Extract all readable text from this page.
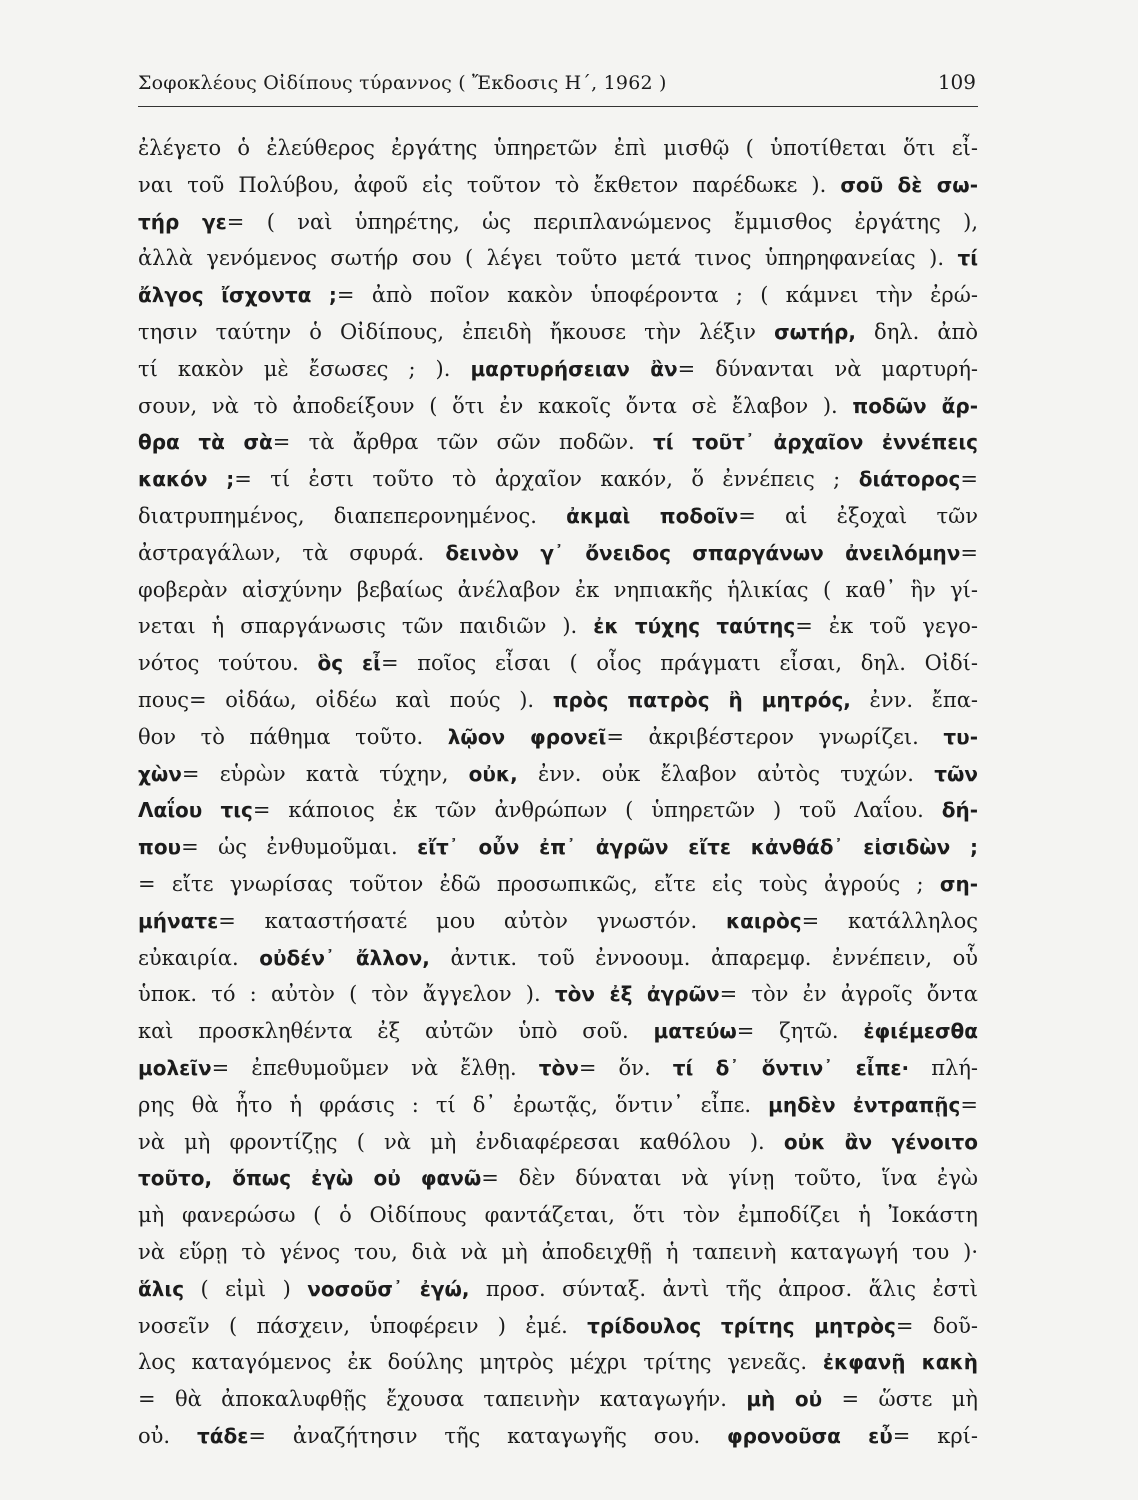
Σοφοκλέους Οἰδίπους τύραννος ( Ἔκδοσις Η΄, 1962 )	109
ἐλέγετο ὁ ἐλεύθερος ἐργάτης ὑπηρετῶν ἐπὶ μισθῷ ( ὑποτίθεται ὅτι εἶ-
ναι τοῦ Πολύβου, ἀφοῦ εἰς τοῦτον τὸ ἔκθετον παρέδωκε ). σοῦ δὲ σω-
τήρ γε= ( ναὶ ὑπηρέτης, ὡς περιπλανώμενος ἔμμισθος ἐργάτης ),
ἀλλὰ γενόμενος σωτήρ σου ( λέγει τοῦτο μετά τινος ὑπηρηφανείας ). τί
ἄλγος ἴσχοντα ;= ἀπὸ ποῖον κακὸν ὑποφέροντα ; ( κάμνει τὴν ἐρώ-
τησιν ταύτην ὁ Οἰδίπους, ἐπειδὴ ἤκουσε τὴν λέξιν σωτήρ, δηλ. ἀπὸ
τί κακὸν μὲ ἔσωσες ; ). μαρτυρήσειαν ἂν= δύνανται νὰ μαρτυρή-
σουν, νὰ τὸ ἀποδείξουν ( ὅτι ἐν κακοῖς ὄντα σὲ ἔλαβον ). ποδῶν ἄρ-
θρα τὰ σὰ= τὰ ἄρθρα τῶν σῶν ποδῶν. τί τοῦτ᾽ ἀρχαῖον ἐννέπεις
κακόν ;= τί ἐστι τοῦτο τὸ ἀρχαῖον κακόν, ὅ ἐννέπεις ; διάτορος=
διατρυπημένος, διαπεπερονημένος. ἀκμαὶ ποδοῖν= αἱ ἐξοχαὶ τῶν
ἀστραγάλων, τὰ σφυρά. δεινὸν γ᾽ ὄνειδος σπαργάνων ἀνειλόμην=
φοβερὰν αἰσχύνην βεβαίως ἀνέλαβον ἐκ νηπιακῆς ἡλικίας ( καθ᾽ ἣν γί-
νεται ἡ σπαργάνωσις τῶν παιδιῶν ). ἐκ τύχης ταύτης= ἐκ τοῦ γεγο-
νότος τούτου. ὃς εἶ= ποῖος εἶσαι ( οἷος πράγματι εἶσαι, δηλ. Οἰδί-
πους= οἰδάω, οἰδέω καὶ πούς ). πρὸς πατρὸς ἢ μητρός, ἐνν. ἔπα-
θον τὸ πάθημα τοῦτο. λῷον φρονεῖ= ἀκριβέστερον γνωρίζει. τυ-
χὼν= εὑρὼν κατὰ τύχην, οὐκ, ἐνν. οὐκ ἔλαβον αὐτὸς τυχών. τῶν
Λαΐου τις= κάποιος ἐκ τῶν ἀνθρώπων ( ὑπηρετῶν ) τοῦ Λαΐου. δή-
που= ὡς ἐνθυμοῦμαι. εἴτ᾽ οὖν ἐπ᾽ ἀγρῶν εἴτε κἀνθάδ᾽ εἰσιδὼν ;
= εἴτε γνωρίσας τοῦτον ἐδῶ προσωπικῶς, εἴτε εἰς τοὺς ἀγρούς ; ση-
μήνατε= καταστήσατέ μου αὐτὸν γνωστόν. καιρὸς= κατάλληλος
εὐκαιρία. οὐδέν᾽ ἄλλον, ἀντικ. τοῦ ἐννοουμ. ἀπαρεμφ. ἐννέπειν, οὗ
ὑποκ. τό : αὐτὸν ( τὸν ἄγγελον ). τὸν ἐξ ἀγρῶν= τὸν ἐν ἀγροῖς ὄντα
καὶ προσκληθέντα ἐξ αὐτῶν ὑπὸ σοῦ. ματεύω= ζητῶ. ἐφιέμεσθα
μολεῖν= ἐπεθυμοῦμεν νὰ ἔλθῃ. τὸν= ὅν. τί δ᾽ ὅντιν᾽ εἶπε· πλή-
ρης θὰ ἦτο ἡ φράσις : τί δ᾽ ἐρωτᾷς, ὅντιν᾽ εἶπε. μηδὲν ἐντραπῇς=
νὰ μὴ φροντίζῃς ( νὰ μὴ ἐνδιαφέρεσαι καθόλου ). οὐκ ἂν γένοιτο
τοῦτο, ὅπως ἐγὼ οὐ φανῶ= δὲν δύναται νὰ γίνῃ τοῦτο, ἵνα ἐγὼ
μὴ φανερώσω ( ὁ Οἰδίπους φαντάζεται, ὅτι τὸν ἐμποδίζει ἡ Ἰοκάστη
νὰ εὕρῃ τὸ γένος του, διὰ νὰ μὴ ἀποδειχθῇ ἡ ταπεινὴ καταγωγή του )·
ἅλις ( εἰμὶ ) νοσοῦσ᾽ ἐγώ, προσ. σύνταξ. ἀντὶ τῆς ἀπροσ. ἅλις ἐστὶ
νοσεῖν ( πάσχειν, ὑποφέρειν ) ἐμέ. τρίδουλος τρίτης μητρὸς= δοῦ-
λος καταγόμενος ἐκ δούλης μητρὸς μέχρι τρίτης γενεᾶς. ἐκφανῇ κακὴ
= θὰ ἀποκαλυφθῇς ἔχουσα ταπεινὴν καταγωγήν. μὴ οὐ = ὥστε μὴ
οὐ. τάδε= ἀναζήτησιν τῆς καταγωγῆς σου. φρονοῦσα εὖ= κρί-
